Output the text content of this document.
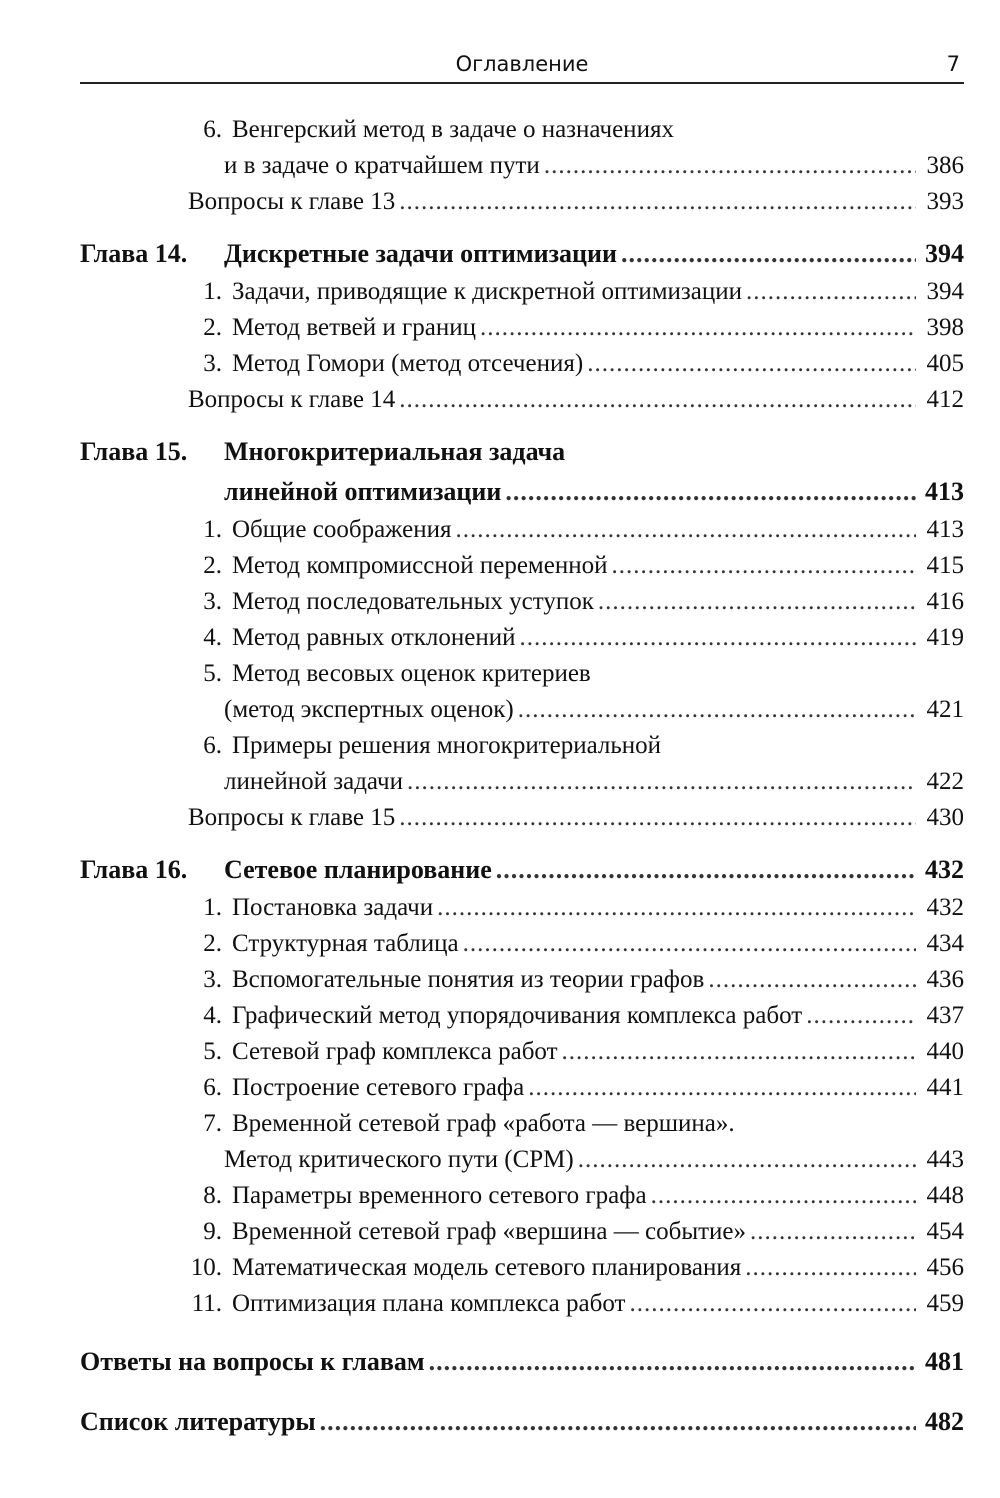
Оглавление	7
6. Венгерский метод в задаче о назначениях
и в задаче о кратчайшем пути .....	386
Вопросы к главе 13 .....	393
Глава 14.	Дискретные задачи оптимизации .....	394
1. Задачи, приводящие к дискретной оптимизации .....	394
2. Метод ветвей и границ .....	398
3. Метод Гомори (метод отсечения) .....	405
Вопросы к главе 14 .....	412
Глава 15.	Многокритериальная задача
линейной оптимизации .....	413
1. Общие соображения .....	413
2. Метод компромиссной переменной .....	415
3. Метод последовательных уступок .....	416
4. Метод равных отклонений .....	419
5. Метод весовых оценок критериев
(метод экспертных оценок) .....	421
6. Примеры решения многокритериальной
линейной задачи .....	422
Вопросы к главе 15 .....	430
Глава 16.	Сетевое планирование .....	432
1. Постановка задачи .....	432
2. Структурная таблица .....	434
3. Вспомогательные понятия из теории графов .....	436
4. Графический метод упорядочивания комплекса работ .....	437
5. Сетевой граф комплекса работ .....	440
6. Построение сетевого графа .....	441
7. Временной сетевой граф «работа — вершина».
Метод критического пути (CPM) .....	443
8. Параметры временного сетевого графа .....	448
9. Временной сетевой граф «вершина — событие» .....	454
10. Математическая модель сетевого планирования .....	456
11. Оптимизация плана комплекса работ .....	459
Ответы на вопросы к главам .....	481
Список литературы .....	482
